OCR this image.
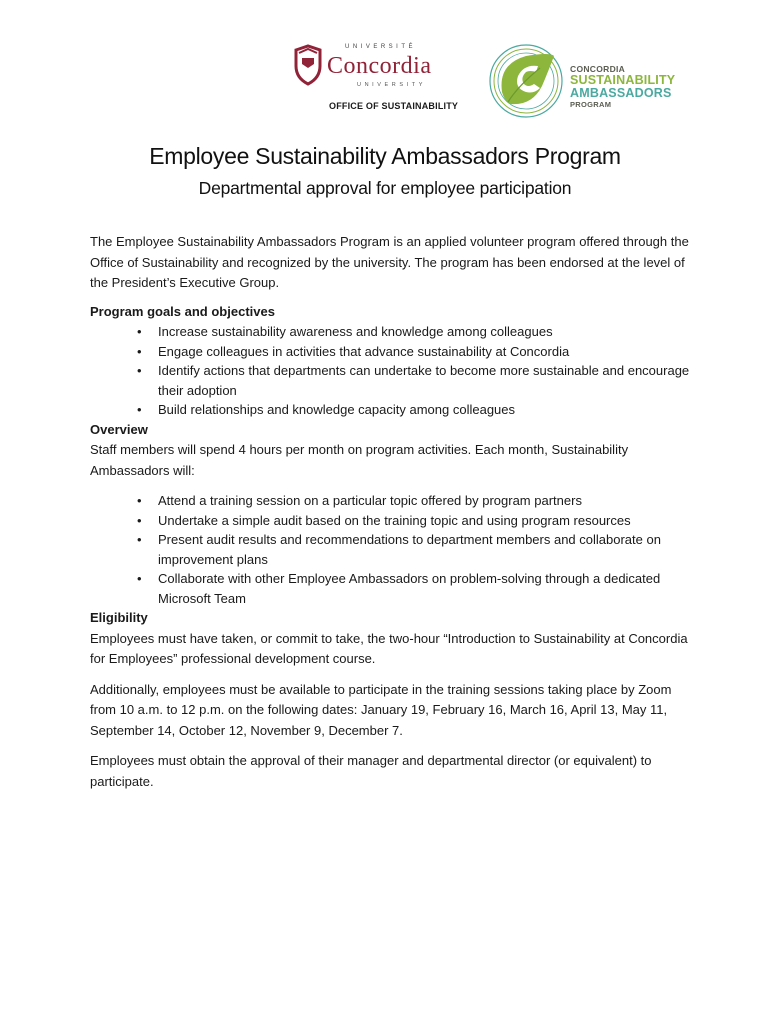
UNIVERSITÉ
Concordia
UNIVERSITY
OFFICE OF SUSTAINABILITY
CONCORDIA
SUSTAINABILITY
AMBASSADORS
PROGRAM
Employee Sustainability Ambassadors Program
Departmental approval for employee participation

The Employee Sustainability Ambassadors Program is an applied volunteer program offered through the Office of Sustainability and recognized by the university. The program has been endorsed at the level of the President’s Executive Group.

Program goals and objectives

• Increase sustainability awareness and knowledge among colleagues
• Engage colleagues in activities that advance sustainability at Concordia
• Identify actions that departments can undertake to become more sustainable and encourage their adoption
• Build relationships and knowledge capacity among colleagues

Overview

Staff members will spend 4 hours per month on program activities. Each month, Sustainability Ambassadors will:

• Attend a training session on a particular topic offered by program partners
• Undertake a simple audit based on the training topic and using program resources
• Present audit results and recommendations to department members and collaborate on improvement plans
• Collaborate with other Employee Ambassadors on problem-solving through a dedicated Microsoft Team

Eligibility

Employees must have taken, or commit to take, the two-hour “Introduction to Sustainability at Concordia for Employees” professional development course.

Additionally, employees must be available to participate in the training sessions taking place by Zoom from 10 a.m. to 12 p.m. on the following dates: January 19, February 16, March 16, April 13, May 11, September 14, October 12, November 9, December 7.

Employees must obtain the approval of their manager and departmental director (or equivalent) to participate.
